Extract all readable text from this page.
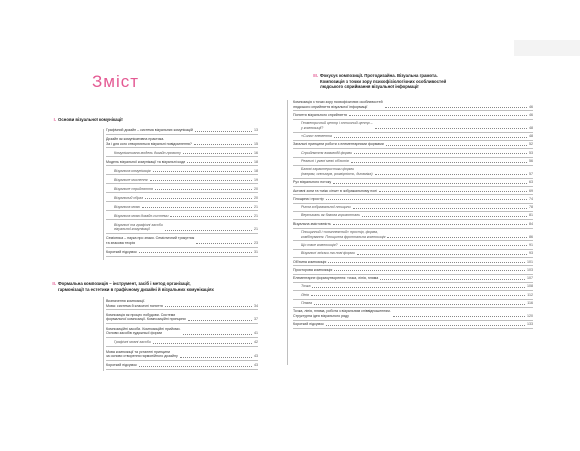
Зміст
I. Основи візуальної комунікації
Графічний дизайн – система візуальних комунікацій	13
Дизайн як комунікативна практика.
За і для кого створюються візуальні повідомлення?	15
Комунікативна модель дизайн-проєкту	16
Модель візуальної комунікації та візуальні коди	18
Візуальна комунікація	18
Візуальне мислення	19
Візуальне сприйняття	20
Візуальний образ	20
Візуальна мова	21
Візуальна мова дизайн-системи	21
Візуальні та графічні засоби
візуальної комунікації	21
Семіотика – наука про знаки. Семіотичний трикутник
та знакова теорія	23
Короткий підсумок	31
II. Формальна композиція – інструмент, засіб і метод організації,
гармонізації та естетики в графічному дизайні й візуальних комунікаціях
Визначення композиції.
Мова: система й класичні поняття	34
Композиція як процес побудови. Системи
формальної композиції. Композиційні принципи	37
Композиційні засоби. Композиційні прийоми.
Основи засобів художньої форми	41
Графічні мовні засоби	42
Мова композиції та усталені принципи
за основи створення гармонійного дизайну	43
Короткий підсумок	43
III. Фокусує композиції. Протодизайна. Візуальна грамота.
Композиція з точки зору психофізіологічних особливостей
людського сприймання візуальної інформації
Композиція з точки зору психофізичних особливостей
людського сприйняття візуальної інформації	46
Поняття візуального сприйняття	46
Геометричний центр і оптичний центр –
у композиції?	48
«Сила» елемента	48
Загальні принципи роботи з елементарними формами	52
Сприйняття взаємодії форми	53
Реальні і уявні межі об'єктів	56
Базові характеристики форми
(напрям, оптимум, розмірність, динаміка)	57
Рух візуального потоку	63
Активні зони та «мікс сітки» в зображальному полі	69
Площина і простір	74
Ритм зображальної площини	78
Вертикаль як базова горизонталь	81
Візуальна змістовність	84
Площинний і «комплексний» простір, форма,
комбінування. Площинна фронтальна композиція	86
Що таке композиція?	91
Візуальні зв'язки та нові форми	93
Об'ємна композиція	101
Просторова композиція	103
Елементарне формоутворення: точка, лінія, пляма	107
Точка	108
Лінія	112
Пляма	116
Точка, лінія, пляма, робота з візуальним співвідношенням.
Структурна ідея візуального ряду	120
Короткий підсумок	133
